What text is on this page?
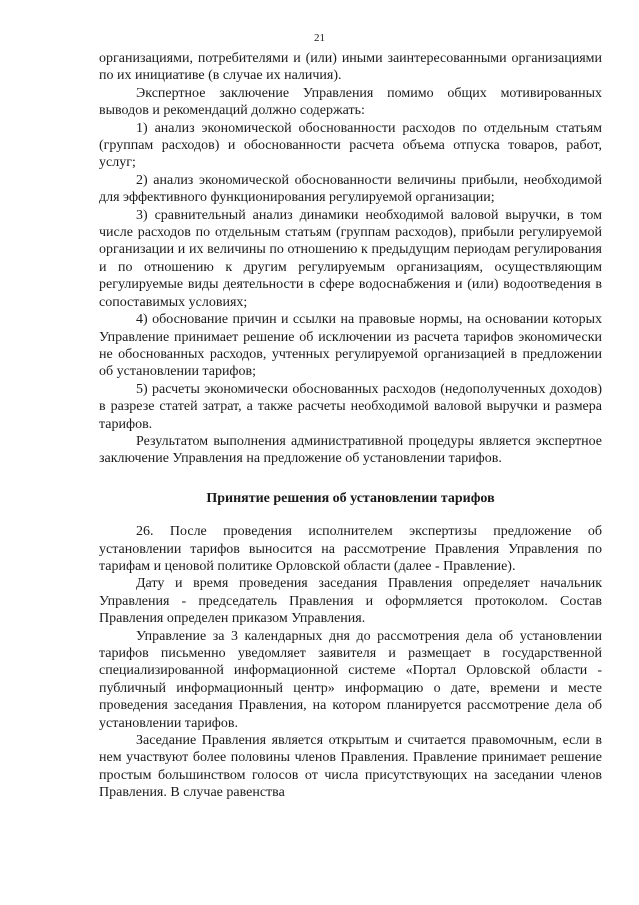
21

организациями, потребителями и (или) иными заинтересованными организациями по их инициативе (в случае их наличия).

Экспертное заключение Управления помимо общих мотивированных выводов и рекомендаций должно содержать:

1) анализ экономической обоснованности расходов по отдельным статьям (группам расходов) и обоснованности расчета объема отпуска товаров, работ, услуг;

2) анализ экономической обоснованности величины прибыли, необходимой для эффективного функционирования регулируемой организации;

3) сравнительный анализ динамики необходимой валовой выручки, в том числе расходов по отдельным статьям (группам расходов), прибыли регулируемой организации и их величины по отношению к предыдущим периодам регулирования и по отношению к другим регулируемым организациям, осуществляющим регулируемые виды деятельности в сфере водоснабжения и (или) водоотведения в сопоставимых условиях;

4) обоснование причин и ссылки на правовые нормы, на основании которых Управление принимает решение об исключении из расчета тарифов экономически не обоснованных расходов, учтенных регулируемой организацией в предложении об установлении тарифов;

5) расчеты экономически обоснованных расходов (недополученных доходов) в разрезе статей затрат, а также расчеты необходимой валовой выручки и размера тарифов.

Результатом выполнения административной процедуры является экспертное заключение Управления на предложение об установлении тарифов.

Принятие решения об установлении тарифов

26. После проведения исполнителем экспертизы предложение об установлении тарифов выносится на рассмотрение Правления Управления по тарифам и ценовой политике Орловской области (далее - Правление).

Дату и время проведения заседания Правления определяет начальник Управления - председатель Правления и оформляется протоколом. Состав Правления определен приказом Управления.

Управление за 3 календарных дня до рассмотрения дела об установлении тарифов письменно уведомляет заявителя и размещает в государственной специализированной информационной системе «Портал Орловской области - публичный информационный центр» информацию о дате, времени и месте проведения заседания Правления, на котором планируется рассмотрение дела об установлении тарифов.

Заседание Правления является открытым и считается правомочным, если в нем участвуют более половины членов Правления. Правление принимает решение простым большинством голосов от числа присутствующих на заседании членов Правления. В случае равенства
